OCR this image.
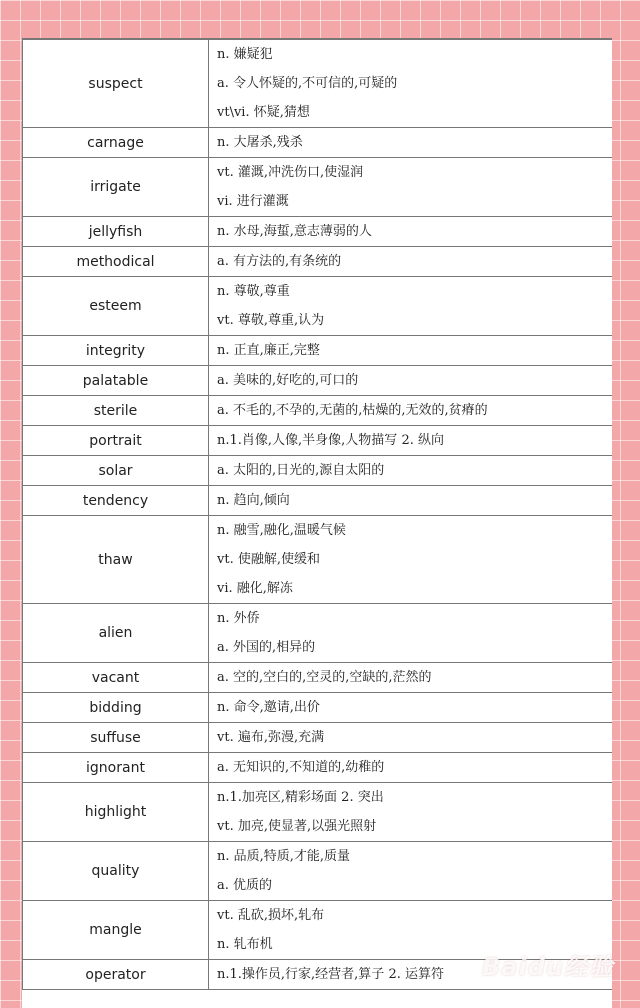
suspect	n. 嫌疑犯
a. 令人怀疑的,不可信的,可疑的
vt\vi. 怀疑,猜想

carnage	n. 大屠杀,残杀

irrigate	vt. 灌溉,冲洗伤口,使湿润
vi. 进行灌溉

jellyfish	n. 水母,海蜇,意志薄弱的人

methodical	a. 有方法的,有条统的

esteem	n. 尊敬,尊重
vt. 尊敬,尊重,认为

integrity	n. 正直,廉正,完整

palatable	a. 美味的,好吃的,可口的

sterile	a. 不毛的,不孕的,无菌的,枯燥的,无效的,贫瘠的

portrait	n.1.肖像,人像,半身像,人物描写 2. 纵向

solar	a. 太阳的,日光的,源自太阳的

tendency	n. 趋向,倾向

thaw	n. 融雪,融化,温暖气候
vt. 使融解,使缓和
vi. 融化,解冻

alien	n. 外侨
a. 外国的,相异的

vacant	a. 空的,空白的,空灵的,空缺的,茫然的

bidding	n. 命令,邀请,出价

suffuse	vt. 遍布,弥漫,充满

ignorant	a. 无知识的,不知道的,幼稚的

highlight	n.1.加亮区,精彩场面 2. 突出
vt. 加亮,使显著,以强光照射

quality	n. 品质,特质,才能,质量
a. 优质的

mangle	vt. 乱砍,损坏,轧布
n. 轧布机

operator	n.1.操作员,行家,经营者,算子 2. 运算符	Baidu经验
